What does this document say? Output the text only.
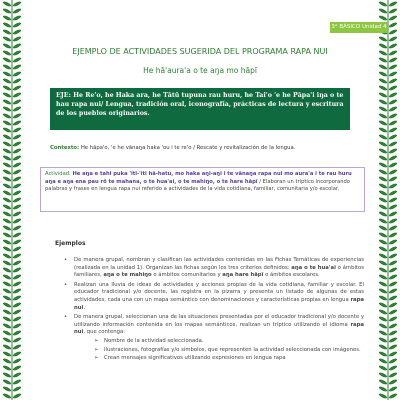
3° BÁSICO Unidad 4
EJEMPLO DE ACTIVIDADES SUGERIDA DEL PROGRAMA RAPA NUI
He hā'aura'a o te aŋa mo hāpī
EJE: He Re'o, he Haka ara, he Tātū tupuna rau huru, he Tai'o 'e he Pāpa'i iŋa o te hau rapa nui/ Lengua, tradición oral, iconografía, prácticas de lectura y escritura de los pueblos originarios.
Contexto: He hāpa'o, 'e he vānaŋa haka 'ou i te re'o / Rescate y revitalización de la lengua.
Actividad: He aŋa e tahi puka 'iti-'iti hā-hatu, mo haka aŋi-aŋi i te vānaŋa rapa nui mo aura'a i te rau huru aŋa e aŋa ena pau rō te mahana, o te hua'ai, o te mahiŋo, o te hare hāpī / Elaboran un tríptico incorporando palabras y frases en lengua rapa nui referido a actividades de la vida cotidiana, familiar, comunitaria y/o escolar.
Ejemplos
• De manera grupal, nombran y clasifican las actividades contenidas en las Fichas Temáticas de experiencias (realizada en la unidad 1). Organizan las fichas según los tres criterios definidos: aŋa o te hua'ai o ámbitos familiares, aŋa o te mahiŋo o ámbitos comunitarios y aŋa hare hāpī o ámbitos escolares.
• Realizan una lluvia de ideas de actividades y acciones propias de la vida cotidiana, familiar y escolar. El educador tradicional y/o docente, las registra en la pizarra y presenta un listado de algunas de estas actividades, cada una con un mapa semántico con denominaciones y características propias en lengua rapa nui.
• De manera grupal, seleccionan una de las situaciones presentadas por el educador tradicional y/o docente y utilizando información contenida en los mapas semánticos, realizan un tríptico utilizando el idioma rapa nui, que contenga:
➢ Nombre de la actividad seleccionada.
➢ Ilustraciones, fotografías y/o símbolos, que representen la actividad seleccionada con imágenes.
➢ Crean mensajes significativos utilizando expresiones en lengua rapa
